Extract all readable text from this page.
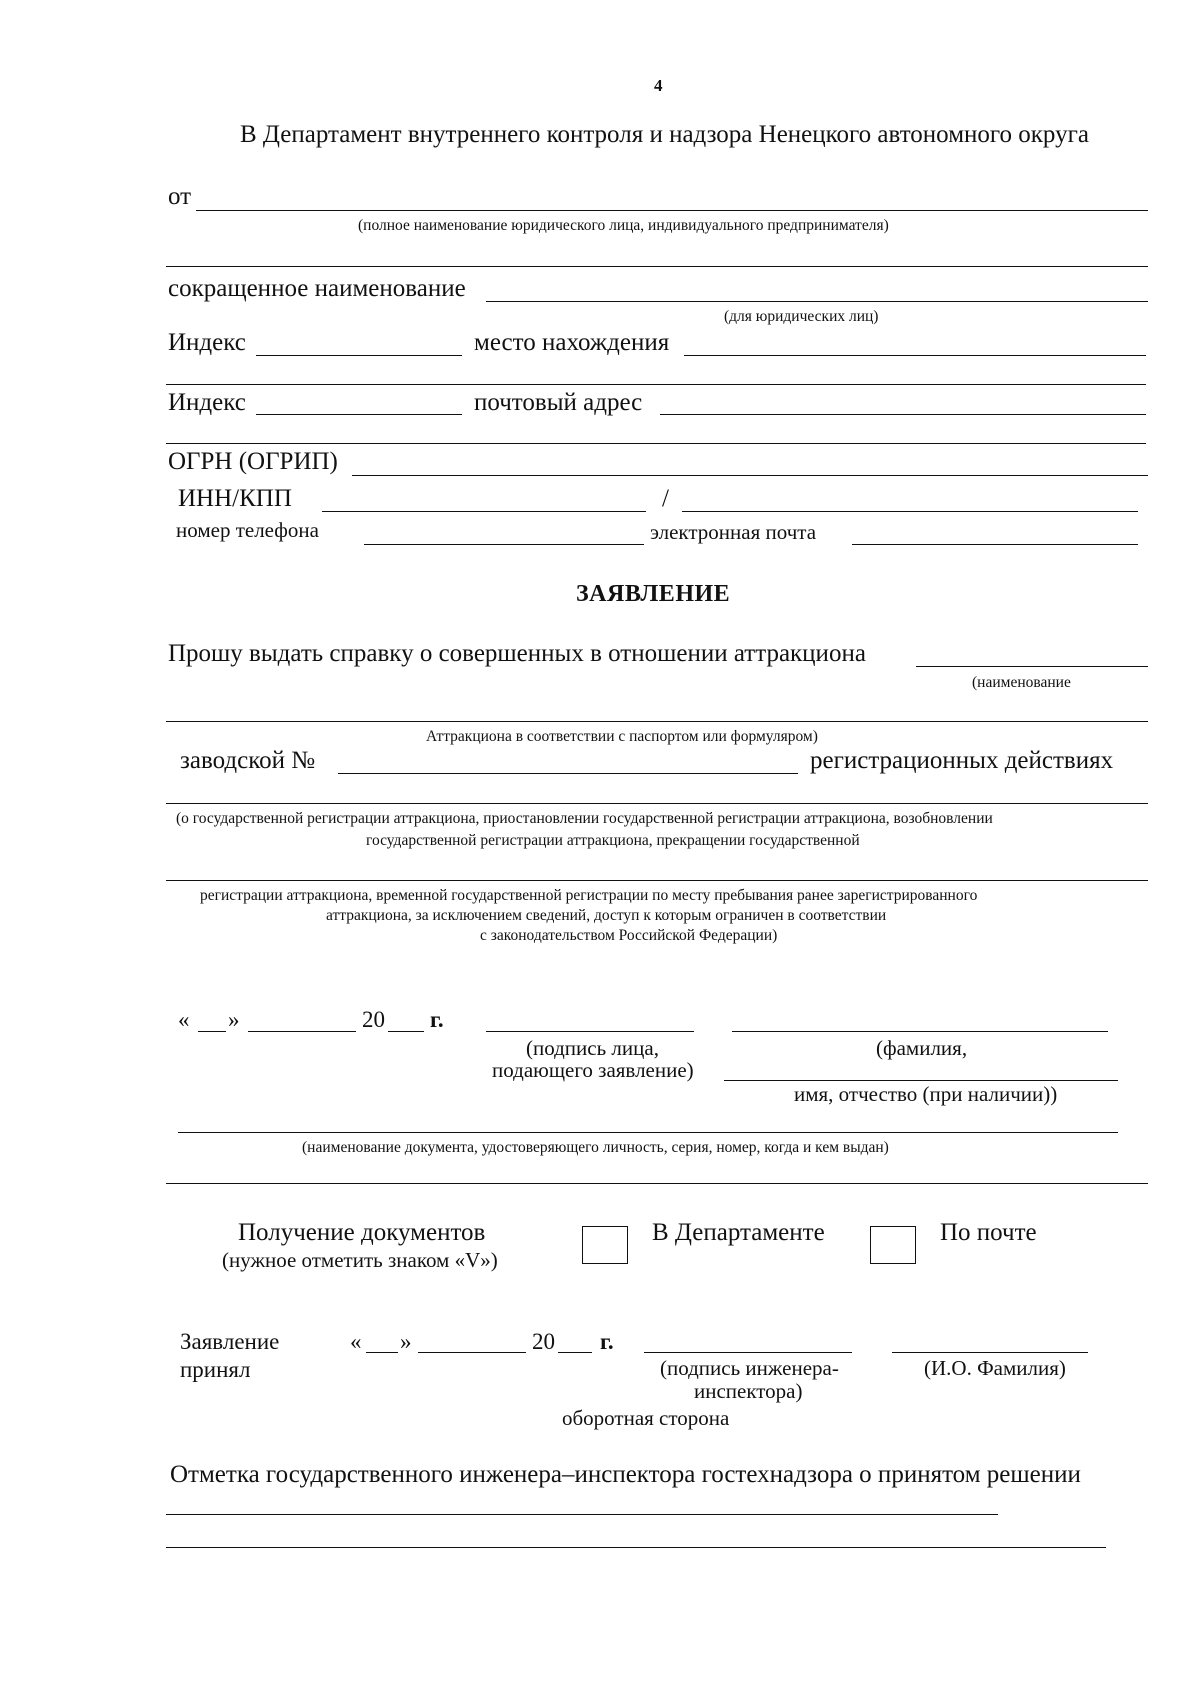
4
В Департамент внутреннего контроля и надзора Ненецкого автономного округа
от
(полное наименование юридического лица, индивидуального предпринимателя)
сокращенное наименование
(для юридических лиц)
Индекс	место нахождения
Индекс	почтовый адрес
ОГРН (ОГРИП)
ИНН/КПП	/
номер телефона	электронная почта
ЗАЯВЛЕНИЕ
Прошу выдать справку о совершенных в отношении аттракциона
(наименование
Аттракциона в соответствии с паспортом или формуляром)
заводской №	регистрационных действиях
(о государственной регистрации аттракциона, приостановлении государственной регистрации аттракциона, возобновлении
государственной регистрации аттракциона, прекращении государственной
регистрации аттракциона, временной государственной регистрации по месту пребывания ранее зарегистрированного
аттракциона, за исключением сведений, доступ к которым ограничен в соответствии
с законодательством Российской Федерации)
« »	20 г.
(подпись лица,
подающего заявление)
(фамилия,
имя, отчество (при наличии))
(наименование документа, удостоверяющего личность, серия, номер, когда и кем выдан)
Получение документов
(нужное отметить знаком «V»)
В Департаменте	По почте
Заявление
принял
« »	20 г.
(подпись инженера-
инспектора)
(И.О. Фамилия)
оборотная сторона
Отметка государственного инженера–инспектора гостехнадзора о принятом решении
